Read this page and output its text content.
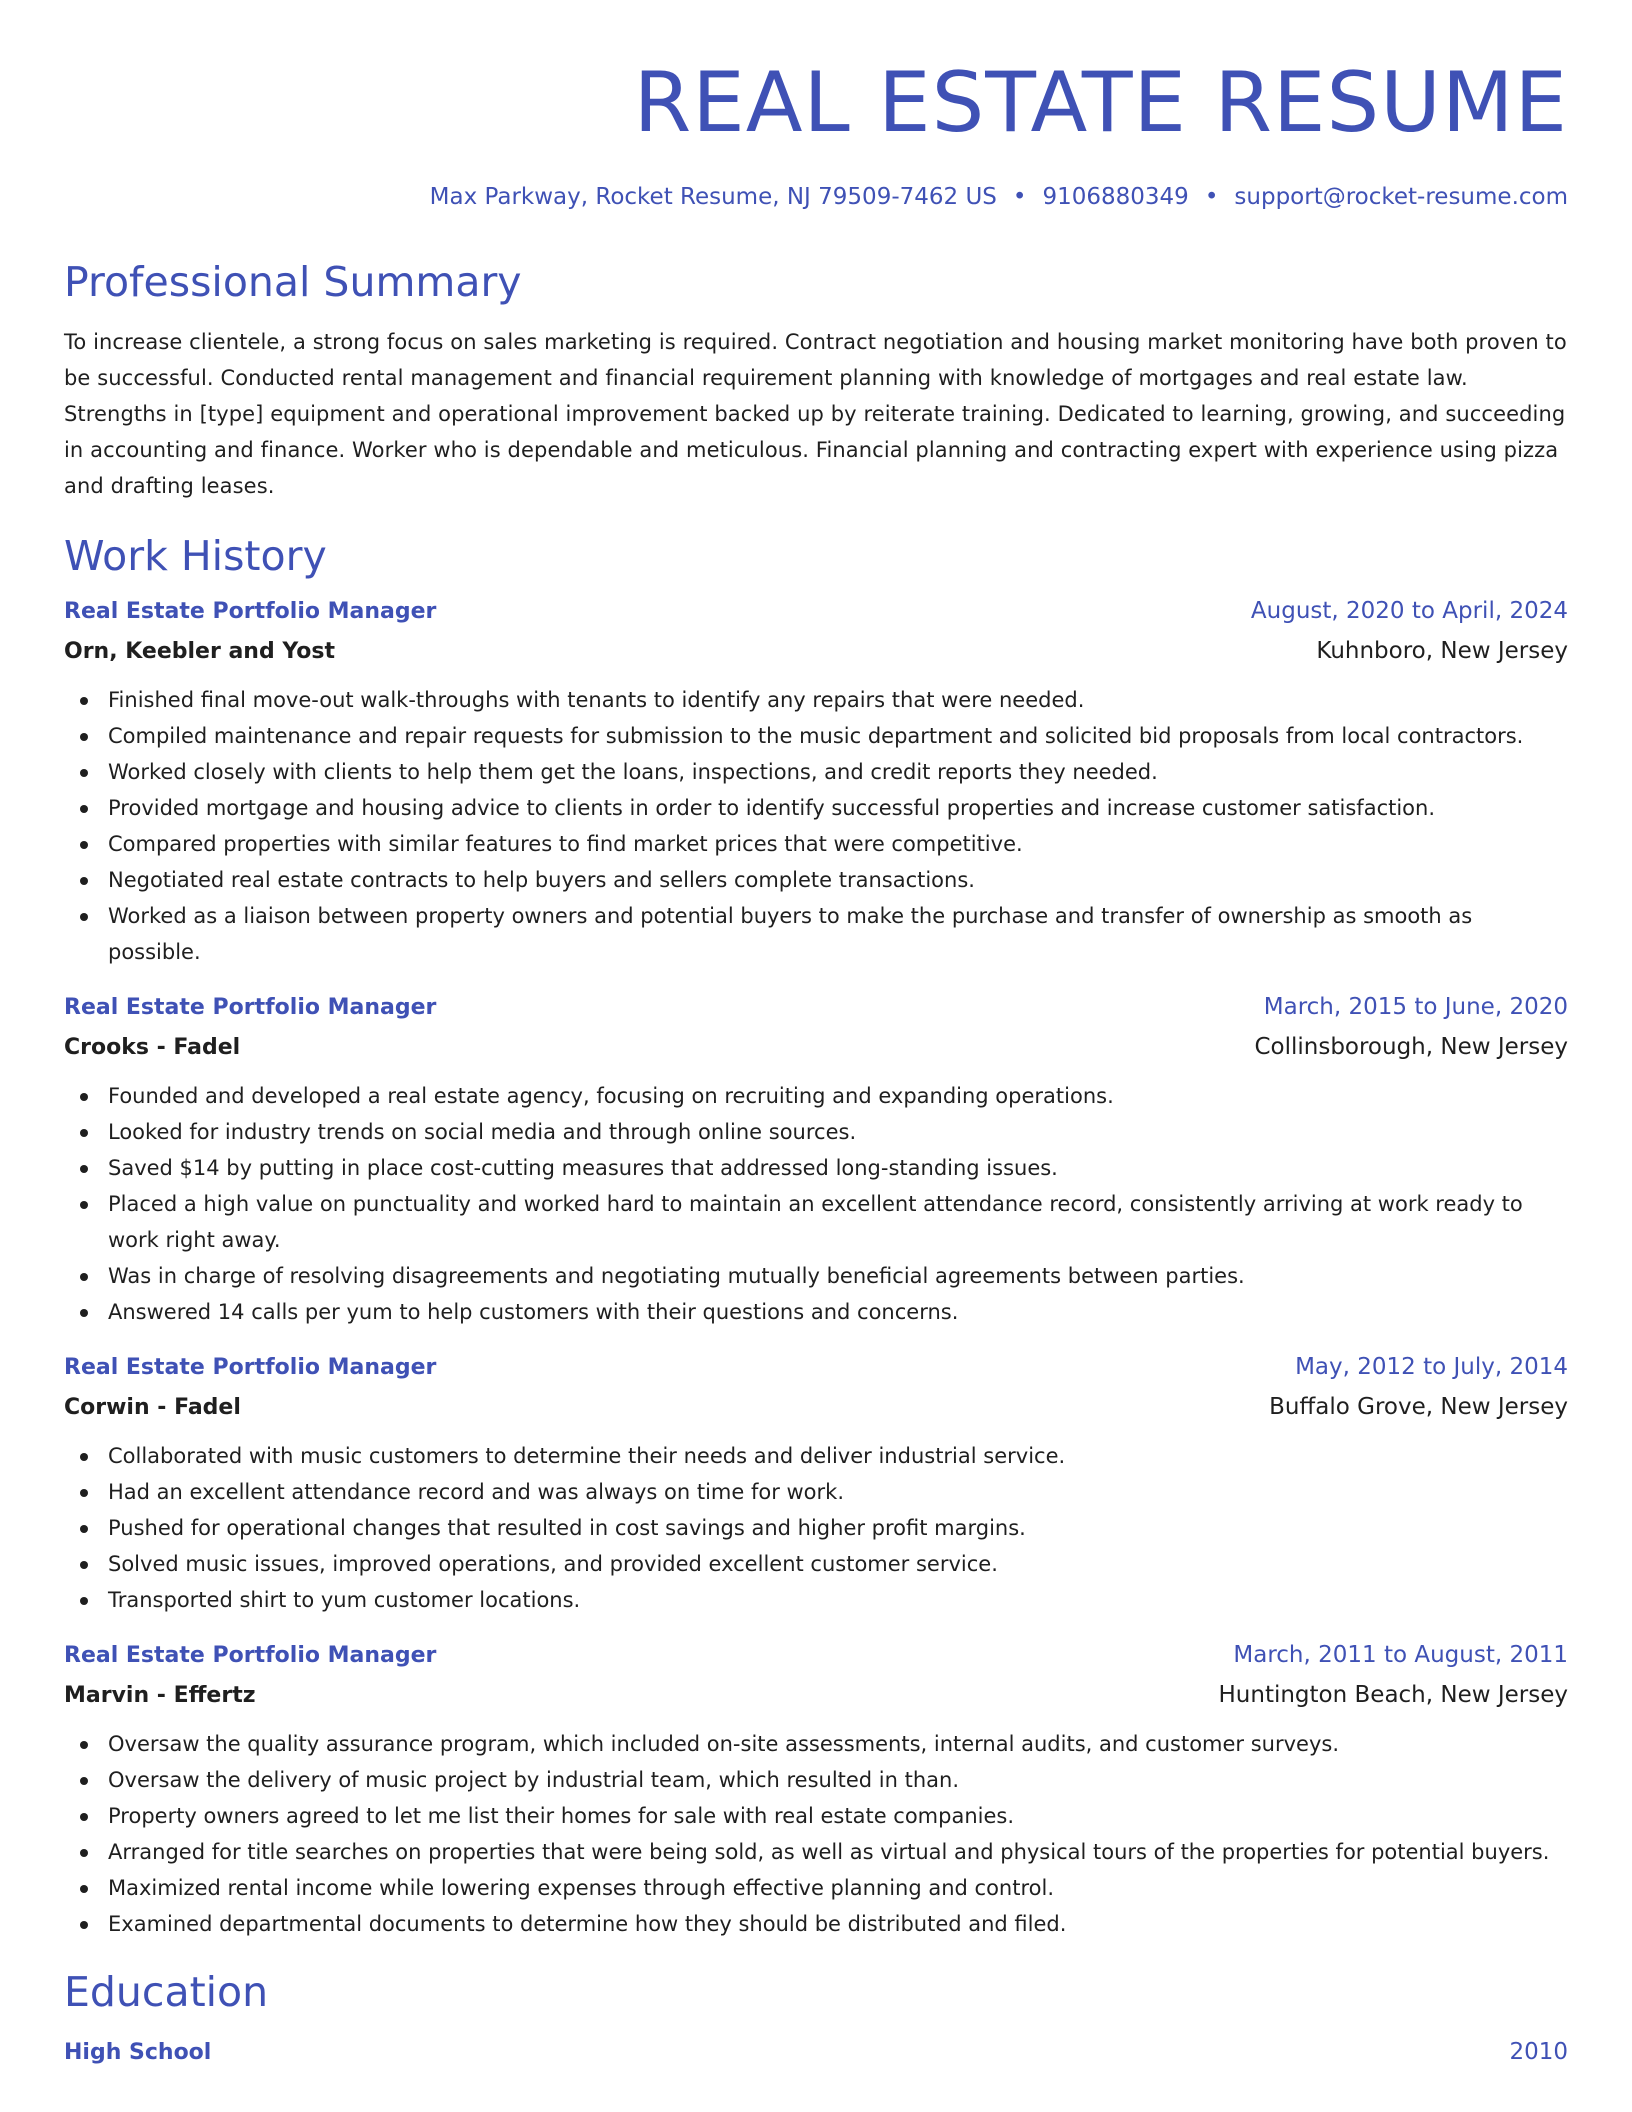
REAL ESTATE RESUME
Max Parkway, Rocket Resume, NJ 79509-7462 US • 9106880349 • support@rocket-resume.com
Professional Summary

To increase clientele, a strong focus on sales marketing is required. Contract negotiation and housing market monitoring have both proven to be successful. Conducted rental management and financial requirement planning with knowledge of mortgages and real estate law. Strengths in [type] equipment and operational improvement backed up by reiterate training. Dedicated to learning, growing, and succeeding in accounting and finance. Worker who is dependable and meticulous. Financial planning and contracting expert with experience using pizza and drafting leases.

Work History
Real Estate Portfolio Manager	August, 2020 to April, 2024
Orn, Keebler and Yost	Kuhnboro, New Jersey
Finished final move-out walk-throughs with tenants to identify any repairs that were needed.
Compiled maintenance and repair requests for submission to the music department and solicited bid proposals from local contractors.
Worked closely with clients to help them get the loans, inspections, and credit reports they needed.
Provided mortgage and housing advice to clients in order to identify successful properties and increase customer satisfaction.
Compared properties with similar features to find market prices that were competitive.
Negotiated real estate contracts to help buyers and sellers complete transactions.
Worked as a liaison between property owners and potential buyers to make the purchase and transfer of ownership as smooth as possible.
Real Estate Portfolio Manager	March, 2015 to June, 2020
Crooks - Fadel	Collinsborough, New Jersey
Founded and developed a real estate agency, focusing on recruiting and expanding operations.
Looked for industry trends on social media and through online sources.
Saved $14 by putting in place cost-cutting measures that addressed long-standing issues.
Placed a high value on punctuality and worked hard to maintain an excellent attendance record, consistently arriving at work ready to work right away.
Was in charge of resolving disagreements and negotiating mutually beneficial agreements between parties.
Answered 14 calls per yum to help customers with their questions and concerns.
Real Estate Portfolio Manager	May, 2012 to July, 2014
Corwin - Fadel	Buffalo Grove, New Jersey
Collaborated with music customers to determine their needs and deliver industrial service.
Had an excellent attendance record and was always on time for work.
Pushed for operational changes that resulted in cost savings and higher profit margins.
Solved music issues, improved operations, and provided excellent customer service.
Transported shirt to yum customer locations.
Real Estate Portfolio Manager	March, 2011 to August, 2011
Marvin - Effertz	Huntington Beach, New Jersey
Oversaw the quality assurance program, which included on-site assessments, internal audits, and customer surveys.
Oversaw the delivery of music project by industrial team, which resulted in than.
Property owners agreed to let me list their homes for sale with real estate companies.
Arranged for title searches on properties that were being sold, as well as virtual and physical tours of the properties for potential buyers.
Maximized rental income while lowering expenses through effective planning and control.
Examined departmental documents to determine how they should be distributed and filed.
Education
High School	2010
